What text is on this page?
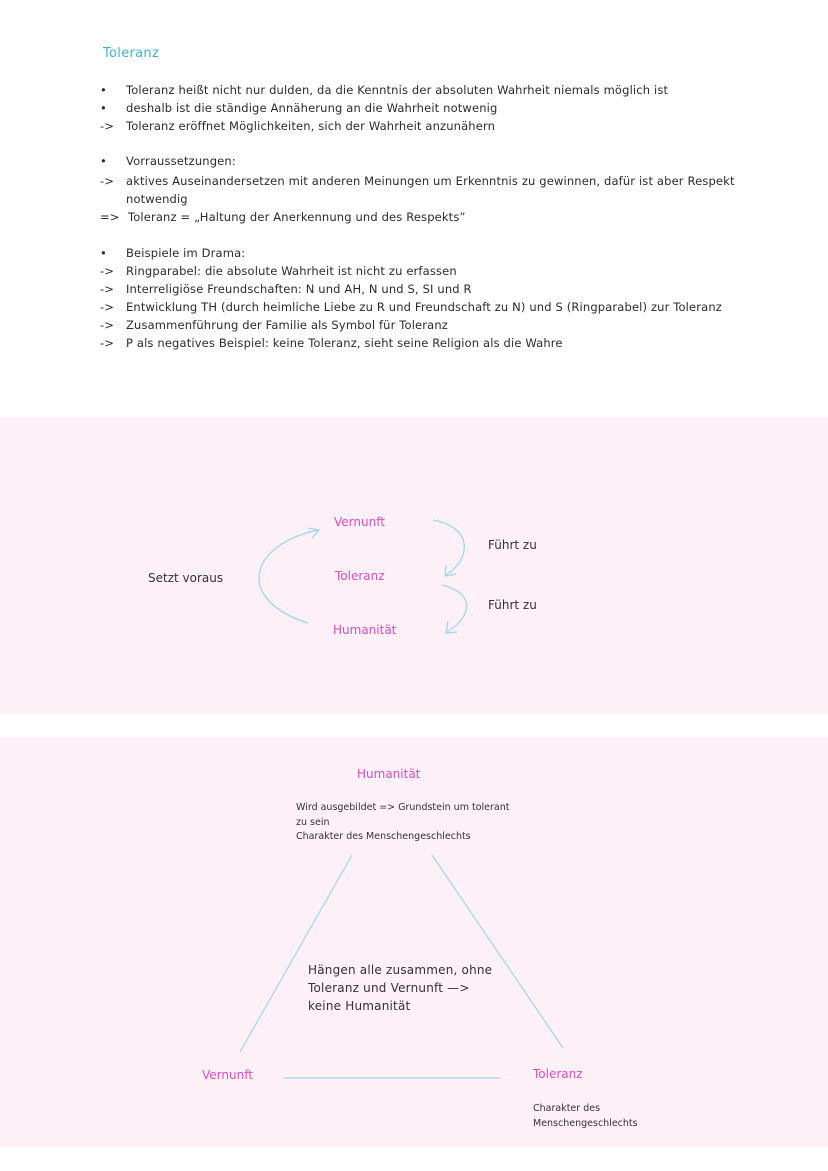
Toleranz
•	Toleranz heißt nicht nur dulden, da die Kenntnis der absoluten Wahrheit niemals möglich ist
•	deshalb ist die ständige Annäherung an die Wahrheit notwenig
->	Toleranz eröffnet Möglichkeiten, sich der Wahrheit anzunähern
•	Vorraussetzungen:
->	aktives Auseinandersetzen mit anderen Meinungen um Erkenntnis zu gewinnen, dafür ist aber Respekt
notwendig
=> Toleranz = „Haltung der Anerkennung und des Respekts”
•	Beispiele im Drama:
->	Ringparabel: die absolute Wahrheit ist nicht zu erfassen
->	Interreligiöse Freundschaften: N und AH, N und S, SI und R
->	Entwicklung TH (durch heimliche Liebe zu R und Freundschaft zu N) und S (Ringparabel) zur Toleranz
->	Zusammenführung der Familie als Symbol für Toleranz
->	P als negatives Beispiel: keine Toleranz, sieht seine Religion als die Wahre
Vernunft
Toleranz
Humanität
Setzt voraus
Führt zu
Führt zu
Humanität
Wird ausgebildet => Grundstein um tolerant
zu sein
Charakter des Menschengeschlechts
Hängen alle zusammen, ohne
Toleranz und Vernunft —>
keine Humanität
Vernunft	Toleranz
Charakter des
Menschengeschlechts
